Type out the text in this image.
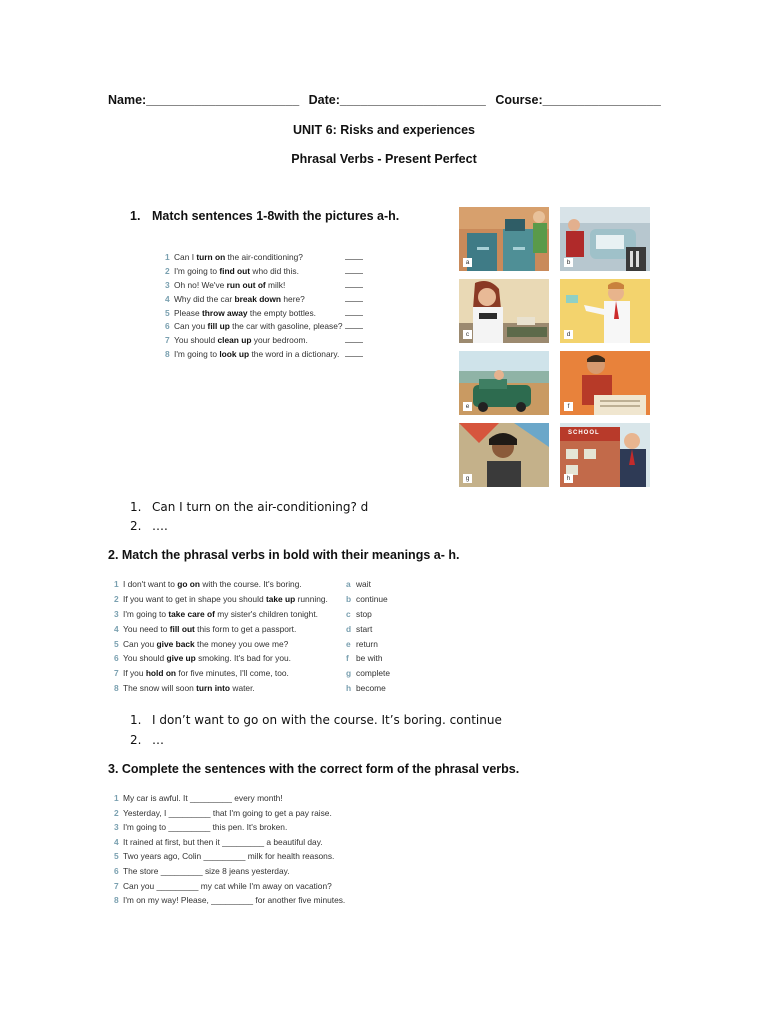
Name:______________________ Date:_____________________ Course:_________________
UNIT 6: Risks and experiences
Phrasal Verbs - Present Perfect
1. Match sentences 1-8with the pictures a-h.
1 Can I turn on the air-conditioning?
2 I'm going to find out who did this.
3 Oh no! We've run out of milk!
4 Why did the car break down here?
5 Please throw away the empty bottles.
6 Can you fill up the car with gasoline, please?
7 You should clean up your bedroom.
8 I'm going to look up the word in a dictionary.
a	b
c	d
e	f
g
SCHOOL
h
1. Can I turn on the air-conditioning? d
2. ….
2. Match the phrasal verbs in bold with their meanings a- h.
1 I don't want to go on with the course. It's boring.
2 If you want to get in shape you should take up running.
3 I'm going to take care of my sister's children tonight.
4 You need to fill out this form to get a passport.
5 Can you give back the money you owe me?
6 You should give up smoking. It's bad for you.
7 If you hold on for five minutes, I'll come, too.
8 The snow will soon turn into water.
a wait
b continue
c stop
d start
e return
f be with
g complete
h become
1. I don’t want to go on with the course. It’s boring. continue
2. …
3. Complete the sentences with the correct form of the phrasal verbs.
1 My car is awful. It _________ every month!
2 Yesterday, I _________ that I'm going to get a pay raise.
3 I'm going to _________ this pen. It's broken.
4 It rained at first, but then it _________ a beautiful day.
5 Two years ago, Colin _________ milk for health reasons.
6 The store _________ size 8 jeans yesterday.
7 Can you _________ my cat while I'm away on vacation?
8 I'm on my way! Please, _________ for another five minutes.
